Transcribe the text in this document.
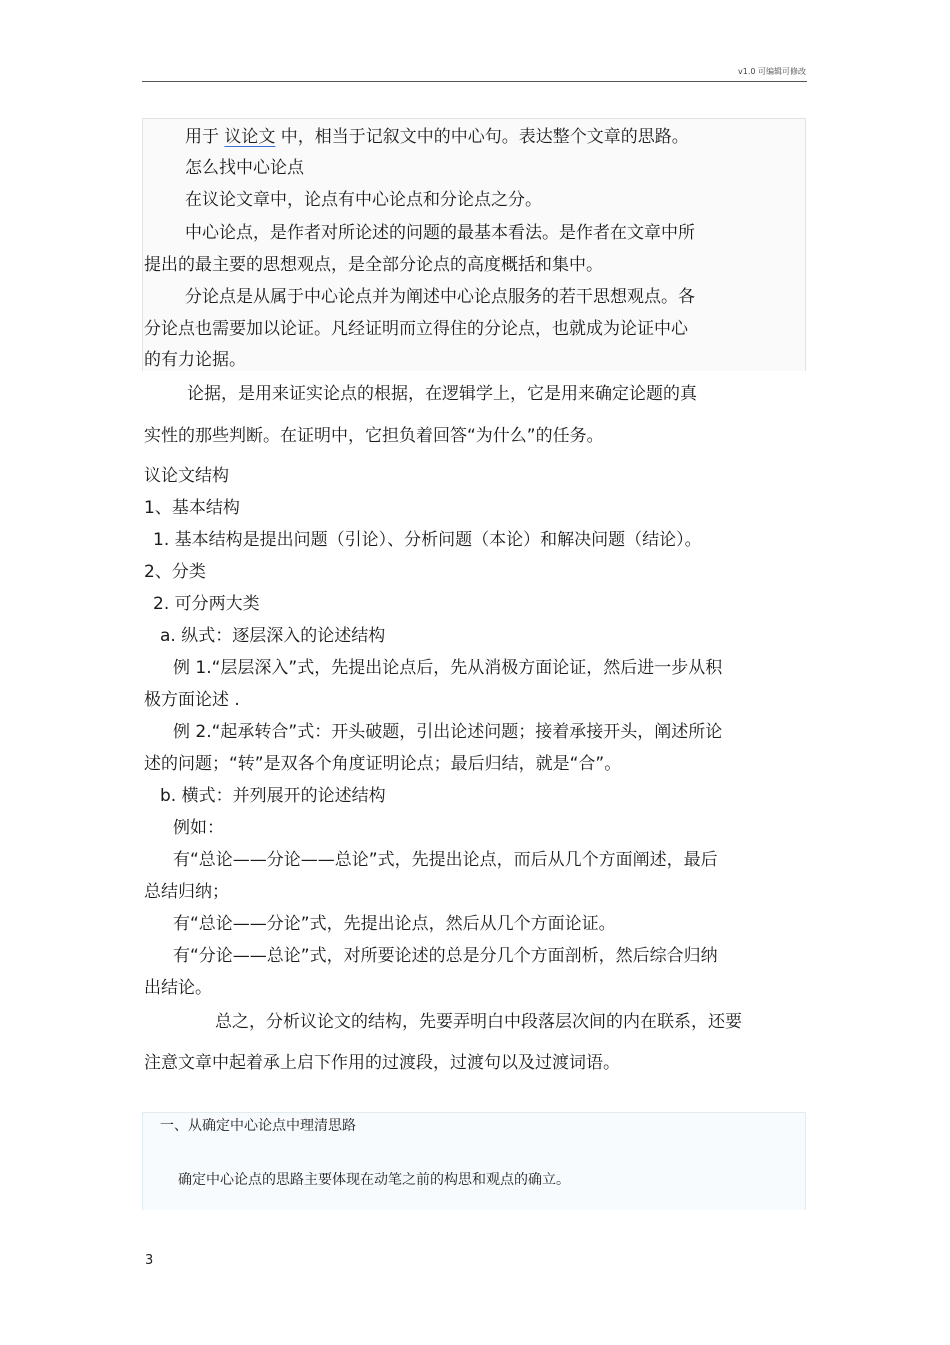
v1.0 可编辑可修改
用于 议论文 中，相当于记叙文中的中心句。表达整个文章的思路。
怎么找中心论点
在议论文章中，论点有中心论点和分论点之分。
中心论点，是作者对所论述的问题的最基本看法。是作者在文章中所
提出的最主要的思想观点，是全部分论点的高度概括和集中。
分论点是从属于中心论点并为阐述中心论点服务的若干思想观点。各
分论点也需要加以论证。凡经证明而立得住的分论点，也就成为论证中心
的有力论据。
论据，是用来证实论点的根据，在逻辑学上，它是用来确定论题的真
实性的那些判断。在证明中，它担负着回答“为什么”的任务。
议论文结构
1、基本结构
1. 基本结构是提出问题（引论）、分析问题（本论）和解决问题（结论）。
2、分类
2. 可分两大类
a. 纵式：逐层深入的论述结构
例 1.“层层深入”式，先提出论点后，先从消极方面论证，然后进一步从积
极方面论述 .
例 2.“起承转合”式：开头破题，引出论述问题；接着承接开头，阐述所论
述的问题；“转”是双各个角度证明论点；最后归结，就是“合”。
b. 横式：并列展开的论述结构
例如：
有“总论——分论——总论”式，先提出论点，而后从几个方面阐述，最后
总结归纳；
有“总论——分论”式，先提出论点，然后从几个方面论证。
有“分论——总论”式，对所要论述的总是分几个方面剖析，然后综合归纳
出结论。
总之，分析议论文的结构，先要弄明白中段落层次间的内在联系，还要
注意文章中起着承上启下作用的过渡段，过渡句以及过渡词语。
一、从确定中心论点中理清思路
确定中心论点的思路主要体现在动笔之前的构思和观点的确立。
3
